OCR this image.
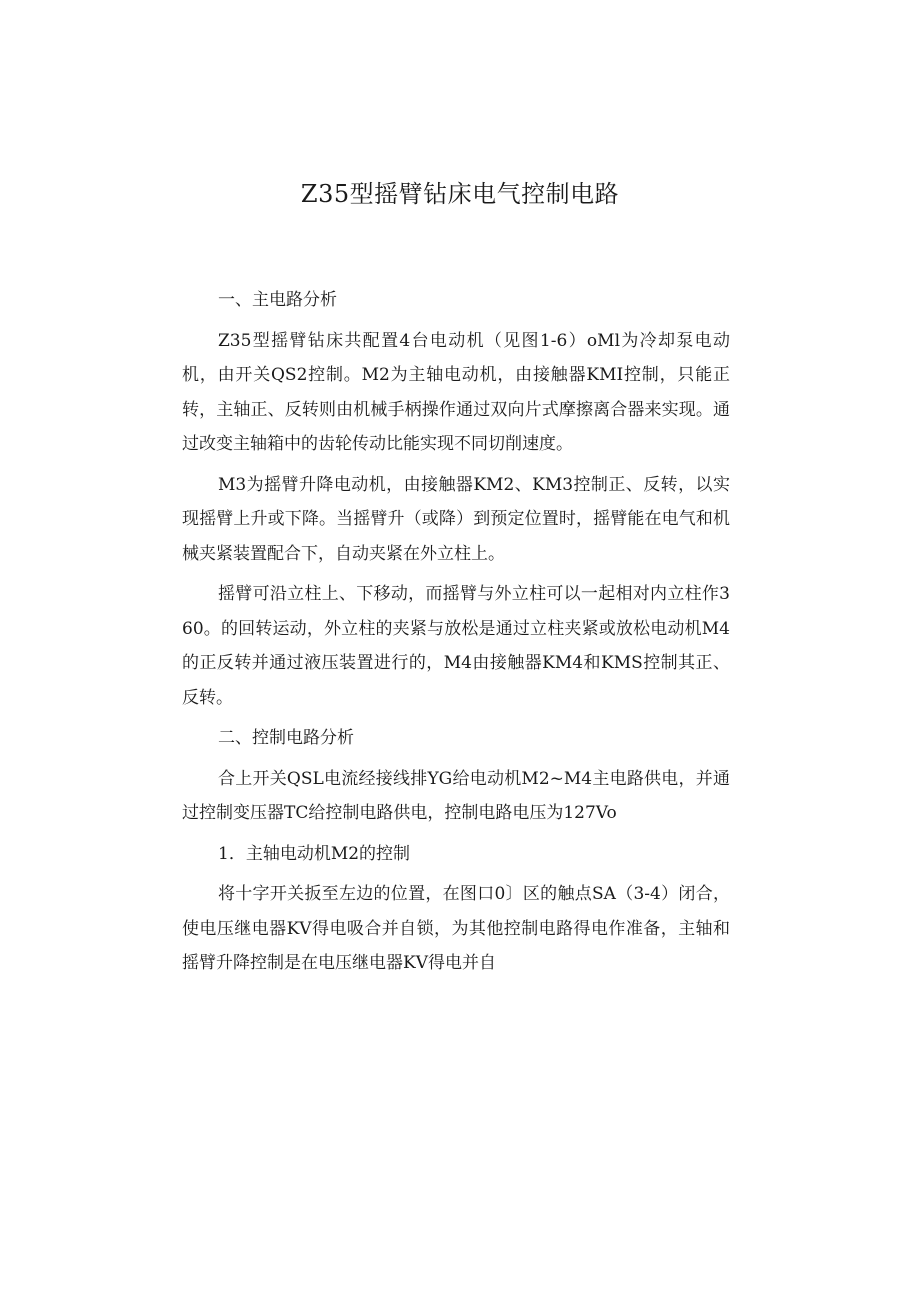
Z35型摇臂钻床电气控制电路

一、主电路分析

Z35型摇臂钻床共配置4台电动机（见图1-6）oMl为冷却泵电动机，由开关QS2控制。M2为主轴电动机，由接触器KMI控制，只能正转，主轴正、反转则由机械手柄操作通过双向片式摩擦离合器来实现。通过改变主轴箱中的齿轮传动比能实现不同切削速度。

M3为摇臂升降电动机，由接触器KM2、KM3控制正、反转，以实现摇臂上升或下降。当摇臂升（或降）到预定位置时，摇臂能在电气和机械夹紧装置配合下，自动夹紧在外立柱上。

摇臂可沿立柱上、下移动，而摇臂与外立柱可以一起相对内立柱作360。的回转运动，外立柱的夹紧与放松是通过立柱夹紧或放松电动机M4的正反转并通过液压装置进行的，M4由接触器KM4和KMS控制其正、反转。

二、控制电路分析

合上开关QSL电流经接线排YG给电动机M2~M4主电路供电，并通过控制变压器TC给控制电路供电，控制电路电压为127Vo

1．主轴电动机M2的控制

将十字开关扳至左边的位置，在图口0〕区的触点SA（3-4）闭合，使电压继电器KV得电吸合并自锁，为其他控制电路得电作准备，主轴和摇臂升降控制是在电压继电器KV得电并自
